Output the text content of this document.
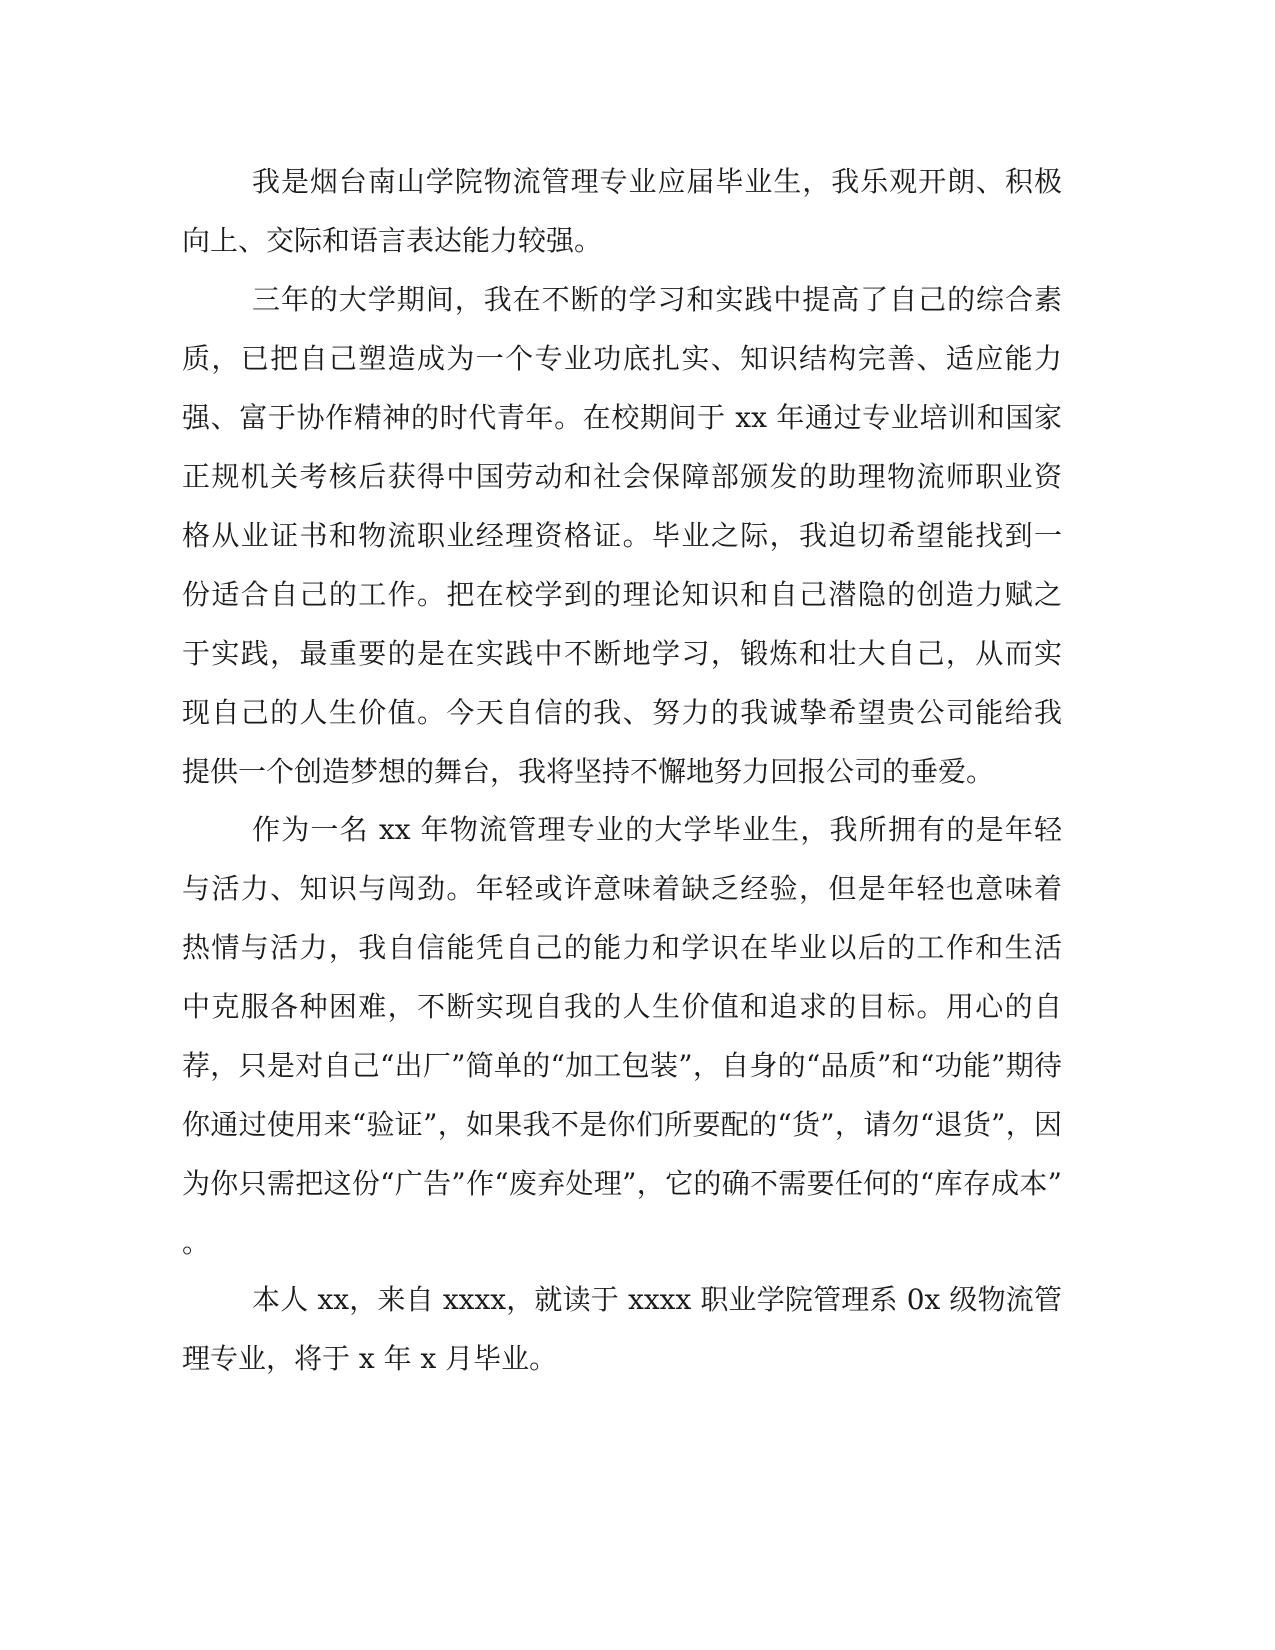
我是烟台南山学院物流管理专业应届毕业生，我乐观开朗、积极
向上、交际和语言表达能力较强。
三年的大学期间，我在不断的学习和实践中提高了自己的综合素
质，已把自己塑造成为一个专业功底扎实、知识结构完善、适应能力
强、富于协作精神的时代青年。在校期间于 xx 年通过专业培训和国家
正规机关考核后获得中国劳动和社会保障部颁发的助理物流师职业资
格从业证书和物流职业经理资格证。毕业之际，我迫切希望能找到一
份适合自己的工作。把在校学到的理论知识和自己潜隐的创造力赋之
于实践，最重要的是在实践中不断地学习，锻炼和壮大自己，从而实
现自己的人生价值。今天自信的我、努力的我诚挚希望贵公司能给我
提供一个创造梦想的舞台，我将坚持不懈地努力回报公司的垂爱。
作为一名 xx 年物流管理专业的大学毕业生，我所拥有的是年轻
与活力、知识与闯劲。年轻或许意味着缺乏经验，但是年轻也意味着
热情与活力，我自信能凭自己的能力和学识在毕业以后的工作和生活
中克服各种困难，不断实现自我的人生价值和追求的目标。用心的自
荐，只是对自己“出厂”简单的“加工包装”，自身的“品质”和“功能”期待
你通过使用来“验证”，如果我不是你们所要配的“货”，请勿“退货”，因
为你只需把这份“广告”作“废弃处理”，它的确不需要任何的“库存成本”
。
本人 xx，来自 xxxx，就读于 xxxx 职业学院管理系 0x 级物流管
理专业，将于 x 年 x 月毕业。
